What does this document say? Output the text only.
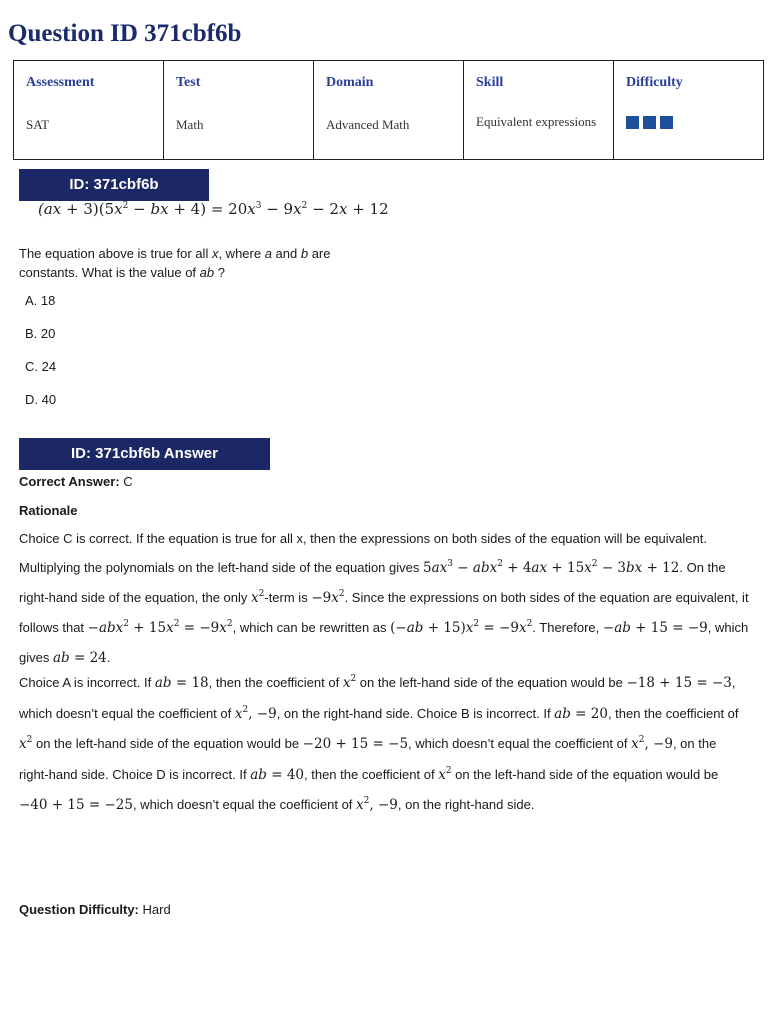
Question ID 371cbf6b
Assessment
SAT

Test
Math

Domain
Advanced Math

Skill
Equivalent expressions

Difficulty
ID: 371cbf6b
$(ax + 3)(5x^2$ − bx + $4) = 20x^3 - 9x^2 - 2x + 12$

The equation above is true for all x, where a and b are constants. What is the value of ab ?

A. 18
B. 20
C. 24
D. 40
ID: 371cbf6b Answer

Correct Answer: C

Rationale

Choice C is correct. If the equation is true for all x, then the expressions on both sides of the equation will be equivalent. Multiplying the polynomials on the left-hand side of the equation gives $5ax^3 - abx^2 + 4ax + 15x^2 - 3bx + 12$. On the right-hand side of the equation, the only $x^2$-term is $-9x^2$. Since the expressions on both sides of the equation are equivalent, it follows that $-abx^2 + 15x^2 = -9x^2$, which can be rewritten as $(-ab + 15)x^2 = -9x^2$. Therefore, −ab + 15 = −9, which gives ab = 24.

Choice A is incorrect. If ab = 18, then the coefficient of $x^2$ on the left-hand side of the equation would be −18 + 15 = −3, which doesn’t equal the coefficient of $x^2$, −9, on the right-hand side. Choice B is incorrect. If ab = 20, then the coefficient of $x^2$ on the left-hand side of the equation would be −20 + 15 = −5, which doesn’t equal the coefficient of $x^2$, −9, on the right-hand side. Choice D is incorrect. If ab = 40, then the coefficient of $x^2$ on the left-hand side of the equation would be −40 + 15 = −25, which doesn’t equal the coefficient of $x^2$, −9, on the right-hand side.

Question Difficulty: Hard
